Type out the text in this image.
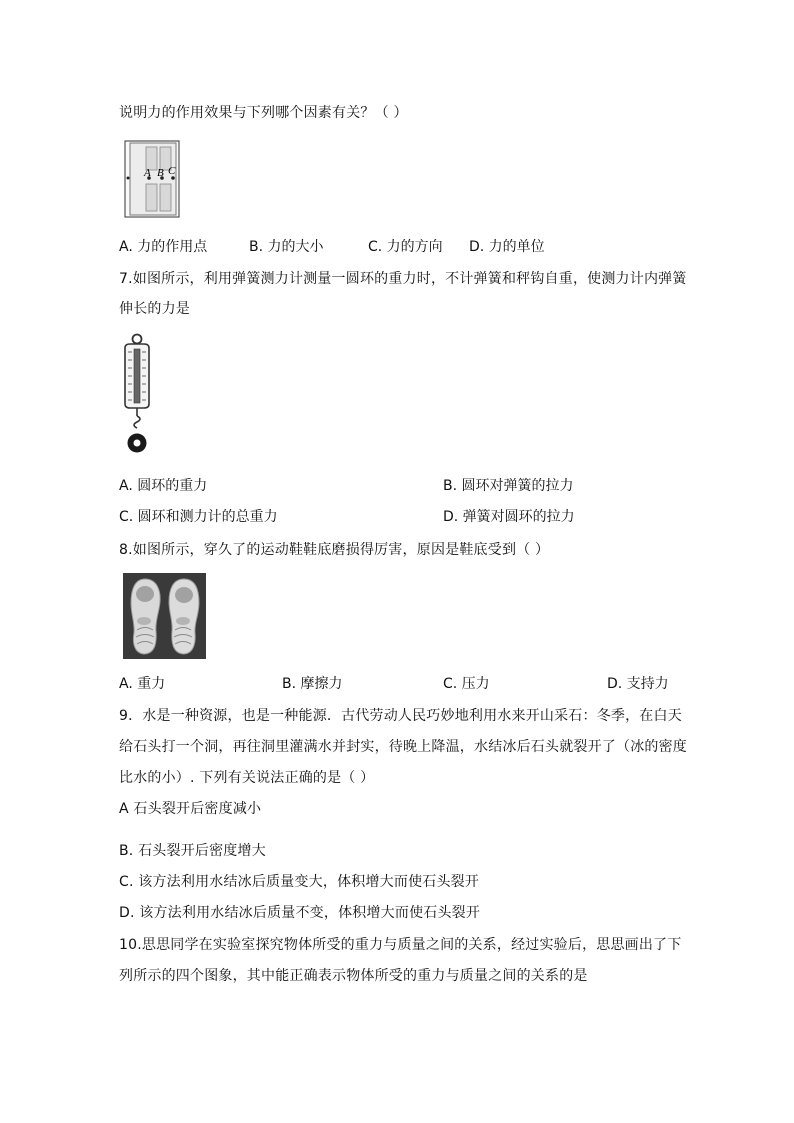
说明力的作用效果与下列哪个因素有关？（ ）
A B C
A. 力的作用点	B. 力的大小	C. 力的方向 D. 力的单位
7.如图所示，利用弹簧测力计测量一圆环的重力时，不计弹簧和秤钩自重，使测力计内弹簧
伸长的力是
A. 圆环的重力	B. 圆环对弹簧的拉力
C. 圆环和测力计的总重力	D. 弹簧对圆环的拉力
8.如图所示，穿久了的运动鞋鞋底磨损得厉害，原因是鞋底受到（ ）
A. 重力	B. 摩擦力	C. 压力	D. 支持力
9．水是一种资源，也是一种能源．古代劳动人民巧妙地利用水来开山采石：冬季，在白天
给石头打一个洞，再往洞里灌满水并封实，待晚上降温，水结冰后石头就裂开了（冰的密度
比水的小）. 下列有关说法正确的是（ ）
A 石头裂开后密度减小
B. 石头裂开后密度增大
C. 该方法利用水结冰后质量变大，体积增大而使石头裂开
D. 该方法利用水结冰后质量不变，体积增大而使石头裂开
10.思思同学在实验室探究物体所受的重力与质量之间的关系，经过实验后，思思画出了下
列所示的四个图象，其中能正确表示物体所受的重力与质量之间的关系的是
